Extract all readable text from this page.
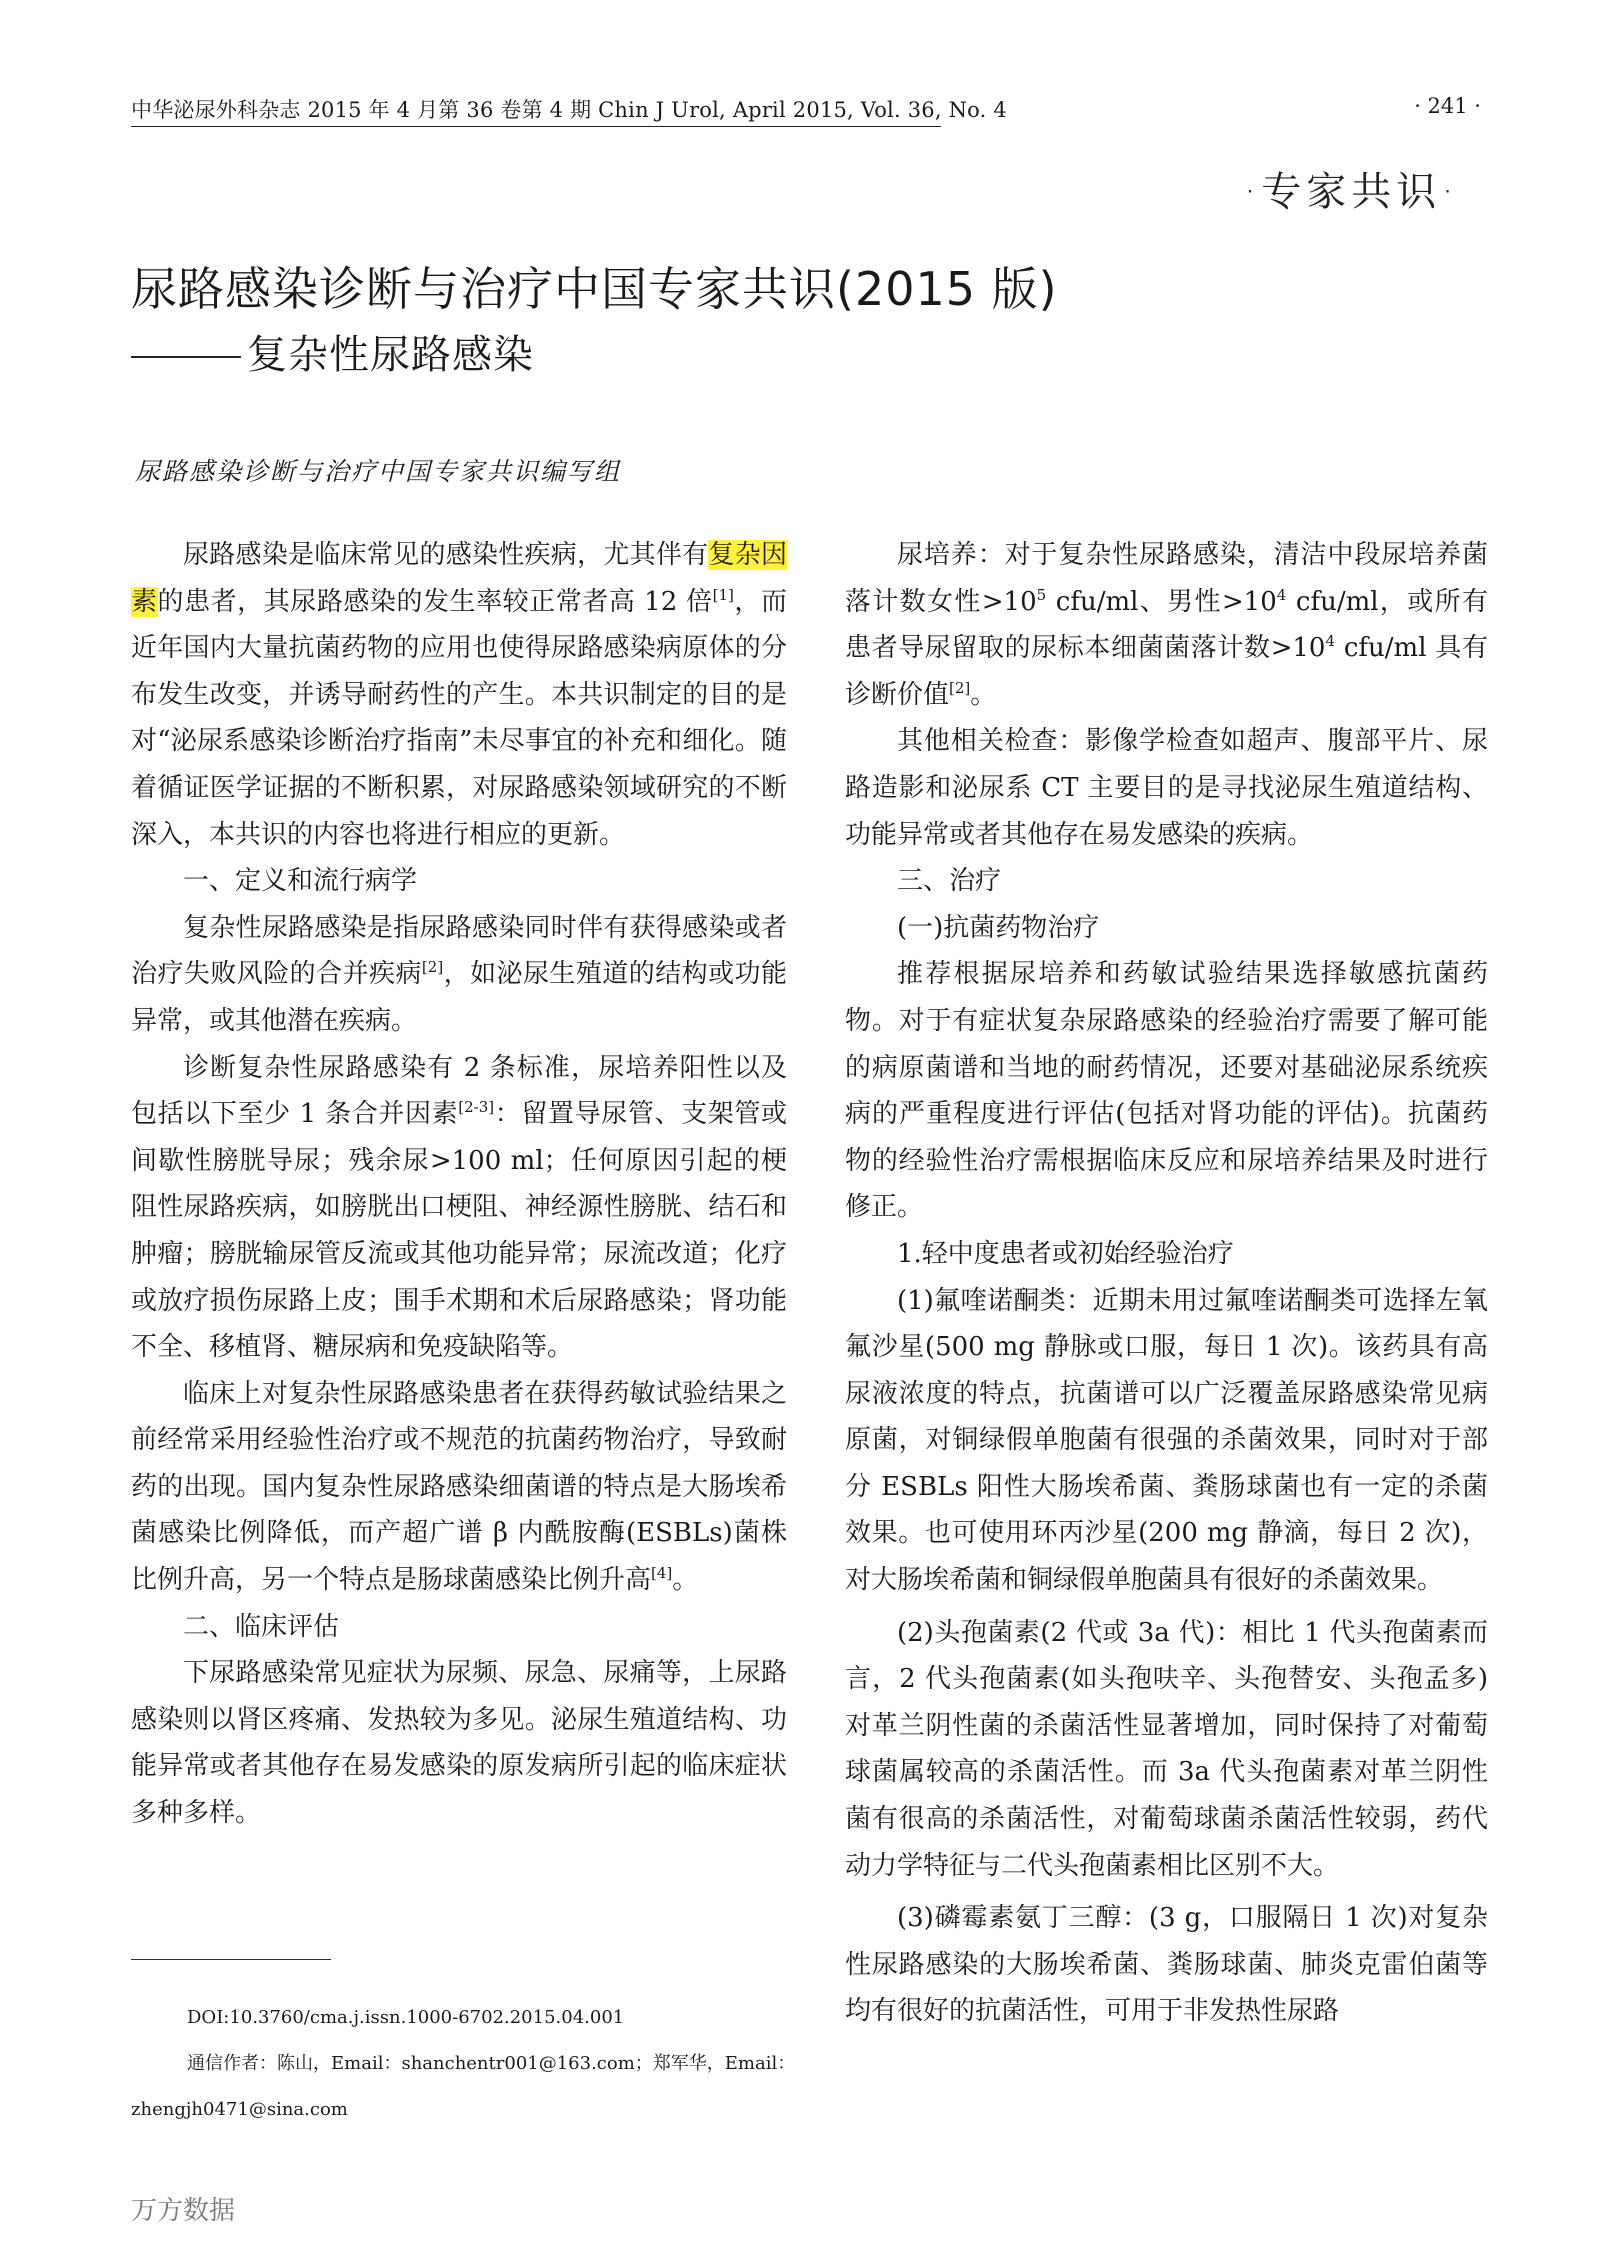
中华泌尿外科杂志 2015 年 4 月第 36 卷第 4 期 Chin J Urol, April 2015, Vol. 36, No. 4	· 241 ·
·专家共识·
尿路感染诊断与治疗中国专家共识(2015 版)
复杂性尿路感染
尿路感染诊断与治疗中国专家共识编写组

尿路感染是临床常见的感染性疾病，尤其伴有复杂因素的患者，其尿路感染的发生率较正常者高 12 倍[1]，而近年国内大量抗菌药物的应用也使得尿路感染病原体的分布发生改变，并诱导耐药性的产生。本共识制定的目的是对“泌尿系感染诊断治疗指南”未尽事宜的补充和细化。随着循证医学证据的不断积累，对尿路感染领域研究的不断深入，本共识的内容也将进行相应的更新。

一、定义和流行病学

复杂性尿路感染是指尿路感染同时伴有获得感染或者治疗失败风险的合并疾病[2]，如泌尿生殖道的结构或功能异常，或其他潜在疾病。

诊断复杂性尿路感染有 2 条标准，尿培养阳性以及包括以下至少 1 条合并因素[2-3]：留置导尿管、支架管或间歇性膀胱导尿；残余尿>100 ml；任何原因引起的梗阻性尿路疾病，如膀胱出口梗阻、神经源性膀胱、结石和肿瘤；膀胱输尿管反流或其他功能异常；尿流改道；化疗或放疗损伤尿路上皮；围手术期和术后尿路感染；肾功能不全、移植肾、糖尿病和免疫缺陷等。

临床上对复杂性尿路感染患者在获得药敏试验结果之前经常采用经验性治疗或不规范的抗菌药物治疗，导致耐药的出现。国内复杂性尿路感染细菌谱的特点是大肠埃希菌感染比例降低，而产超广谱 β 内酰胺酶(ESBLs)菌株比例升高，另一个特点是肠球菌感染比例升高[4]。

二、临床评估

下尿路感染常见症状为尿频、尿急、尿痛等，上尿路感染则以肾区疼痛、发热较为多见。泌尿生殖道结构、功能异常或者其他存在易发感染的原发病所引起的临床症状多种多样。

尿培养：对于复杂性尿路感染，清洁中段尿培养菌落计数女性$>10^5$ cfu/ml、男性$>10^4$ cfu/ml，或所有患者导尿留取的尿标本细菌菌落计数$>10^4$ cfu/ml 具有诊断价值[2]。

其他相关检查：影像学检查如超声、腹部平片、尿路造影和泌尿系 CT 主要目的是寻找泌尿生殖道结构、功能异常或者其他存在易发感染的疾病。

三、治疗

(一)抗菌药物治疗

推荐根据尿培养和药敏试验结果选择敏感抗菌药物。对于有症状复杂尿路感染的经验治疗需要了解可能的病原菌谱和当地的耐药情况，还要对基础泌尿系统疾病的严重程度进行评估(包括对肾功能的评估)。抗菌药物的经验性治疗需根据临床反应和尿培养结果及时进行修正。

1.轻中度患者或初始经验治疗

(1)氟喹诺酮类：近期未用过氟喹诺酮类可选择左氧氟沙星(500 mg 静脉或口服，每日 1 次)。该药具有高尿液浓度的特点，抗菌谱可以广泛覆盖尿路感染常见病原菌，对铜绿假单胞菌有很强的杀菌效果，同时对于部分 ESBLs 阳性大肠埃希菌、粪肠球菌也有一定的杀菌效果。也可使用环丙沙星(200 mg 静滴，每日 2 次)，对大肠埃希菌和铜绿假单胞菌具有很好的杀菌效果。

(2)头孢菌素(2 代或 3a 代)：相比 1 代头孢菌素而言，2 代头孢菌素(如头孢呋辛、头孢替安、头孢孟多)对革兰阴性菌的杀菌活性显著增加，同时保持了对葡萄球菌属较高的杀菌活性。而 3a 代头孢菌素对革兰阴性菌有很高的杀菌活性，对葡萄球菌杀菌活性较弱，药代动力学特征与二代头孢菌素相比区别不大。

(3)磷霉素氨丁三醇：(3 g，口服隔日 1 次)对复杂性尿路感染的大肠埃希菌、粪肠球菌、肺炎克雷伯菌等均有很好的抗菌活性，可用于非发热性尿路

DOI:10.3760/cma.j.issn.1000-6702.2015.04.001
通信作者：陈山，Email：shanchentr001@163.com；郑军华，Email：
zhengjh0471@sina.com
万方数据
